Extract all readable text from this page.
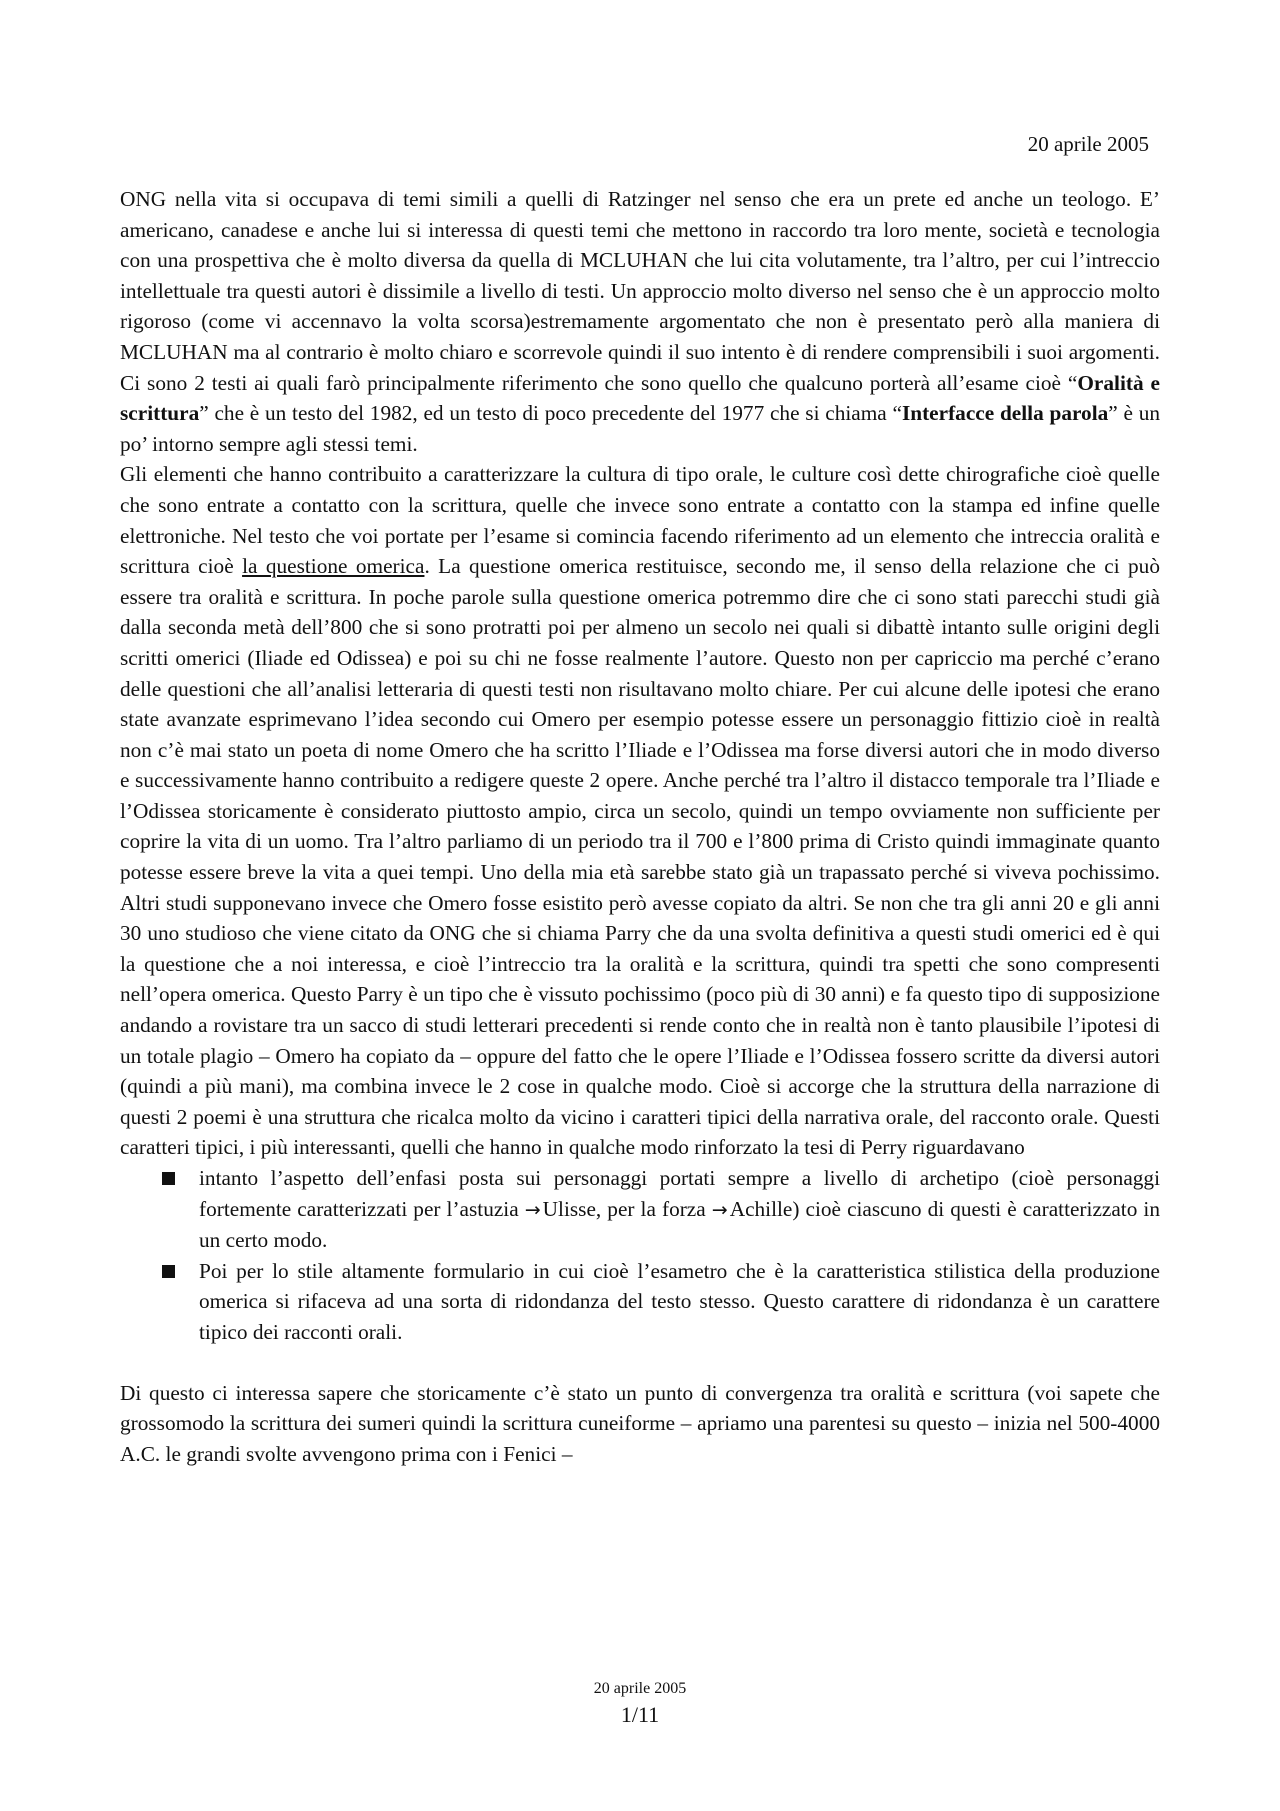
20 aprile 2005

ONG nella vita si occupava di temi simili a quelli di Ratzinger nel senso che era un prete ed anche un teologo. E’ americano, canadese e anche lui si interessa di questi temi che mettono in raccordo tra loro mente, società e tecnologia con una prospettiva che è molto diversa da quella di MCLUHAN che lui cita volutamente, tra l’altro, per cui l’intreccio intellettuale tra questi autori è dissimile a livello di testi. Un approccio molto diverso nel senso che è un approccio molto rigoroso (come vi accennavo la volta scorsa)estremamente argomentato che non è presentato però alla maniera di MCLUHAN ma al contrario è molto chiaro e scorrevole quindi il suo intento è di rendere comprensibili i suoi argomenti. Ci sono 2 testi ai quali farò principalmente riferimento che sono quello che qualcuno porterà all’esame cioè “Oralità e scrittura” che è un testo del 1982, ed un testo di poco precedente del 1977 che si chiama “Interfacce della parola” è un po’ intorno sempre agli stessi temi.

Gli elementi che hanno contribuito a caratterizzare la cultura di tipo orale, le culture così dette chirografiche cioè quelle che sono entrate a contatto con la scrittura, quelle che invece sono entrate a contatto con la stampa ed infine quelle elettroniche. Nel testo che voi portate per l’esame si comincia facendo riferimento ad un elemento che intreccia oralità e scrittura cioè la questione omerica. La questione omerica restituisce, secondo me, il senso della relazione che ci può essere tra oralità e scrittura. In poche parole sulla questione omerica potremmo dire che ci sono stati parecchi studi già dalla seconda metà dell’800 che si sono protratti poi per almeno un secolo nei quali si dibattè intanto sulle origini degli scritti omerici (Iliade ed Odissea) e poi su chi ne fosse realmente l’autore. Questo non per capriccio ma perché c’erano delle questioni che all’analisi letteraria di questi testi non risultavano molto chiare. Per cui alcune delle ipotesi che erano state avanzate esprimevano l’idea secondo cui Omero per esempio potesse essere un personaggio fittizio cioè in realtà non c’è mai stato un poeta di nome Omero che ha scritto l’Iliade e l’Odissea ma forse diversi autori che in modo diverso e successivamente hanno contribuito a redigere queste 2 opere. Anche perché tra l’altro il distacco temporale tra l’Iliade e l’Odissea storicamente è considerato piuttosto ampio, circa un secolo, quindi un tempo ovviamente non sufficiente per coprire la vita di un uomo. Tra l’altro parliamo di un periodo tra il 700 e l’800 prima di Cristo quindi immaginate quanto potesse essere breve la vita a quei tempi. Uno della mia età sarebbe stato già un trapassato perché si viveva pochissimo. Altri studi supponevano invece che Omero fosse esistito però avesse copiato da altri. Se non che tra gli anni 20 e gli anni 30 uno studioso che viene citato da ONG che si chiama Parry che da una svolta definitiva a questi studi omerici ed è qui la questione che a noi interessa, e cioè l’intreccio tra la oralità e la scrittura, quindi tra spetti che sono compresenti nell’opera omerica. Questo Parry è un tipo che è vissuto pochissimo (poco più di 30 anni) e fa questo tipo di supposizione andando a rovistare tra un sacco di studi letterari precedenti si rende conto che in realtà non è tanto plausibile l’ipotesi di un totale plagio – Omero ha copiato da – oppure del fatto che le opere l’Iliade e l’Odissea fossero scritte da diversi autori (quindi a più mani), ma combina invece le 2 cose in qualche modo. Cioè si accorge che la struttura della narrazione di questi 2 poemi è una struttura che ricalca molto da vicino i caratteri tipici della narrativa orale, del racconto orale. Questi caratteri tipici, i più interessanti, quelli che hanno in qualche modo rinforzato la tesi di Perry riguardavano

intanto l’aspetto dell’enfasi posta sui personaggi portati sempre a livello di archetipo (cioè personaggi fortemente caratterizzati per l’astuzia →Ulisse, per la forza →Achille) cioè ciascuno di questi è caratterizzato in un certo modo.
Poi per lo stile altamente formulario in cui cioè l’esametro che è la caratteristica stilistica della produzione omerica si rifaceva ad una sorta di ridondanza del testo stesso. Questo carattere di ridondanza è un carattere tipico dei racconti orali.

Di questo ci interessa sapere che storicamente c’è stato un punto di convergenza tra oralità e scrittura (voi sapete che grossomodo la scrittura dei sumeri quindi la scrittura cuneiforme – apriamo una parentesi su questo – inizia nel 500-4000 A.C. le grandi svolte avvengono prima con i Fenici –

20 aprile 2005
1/11
